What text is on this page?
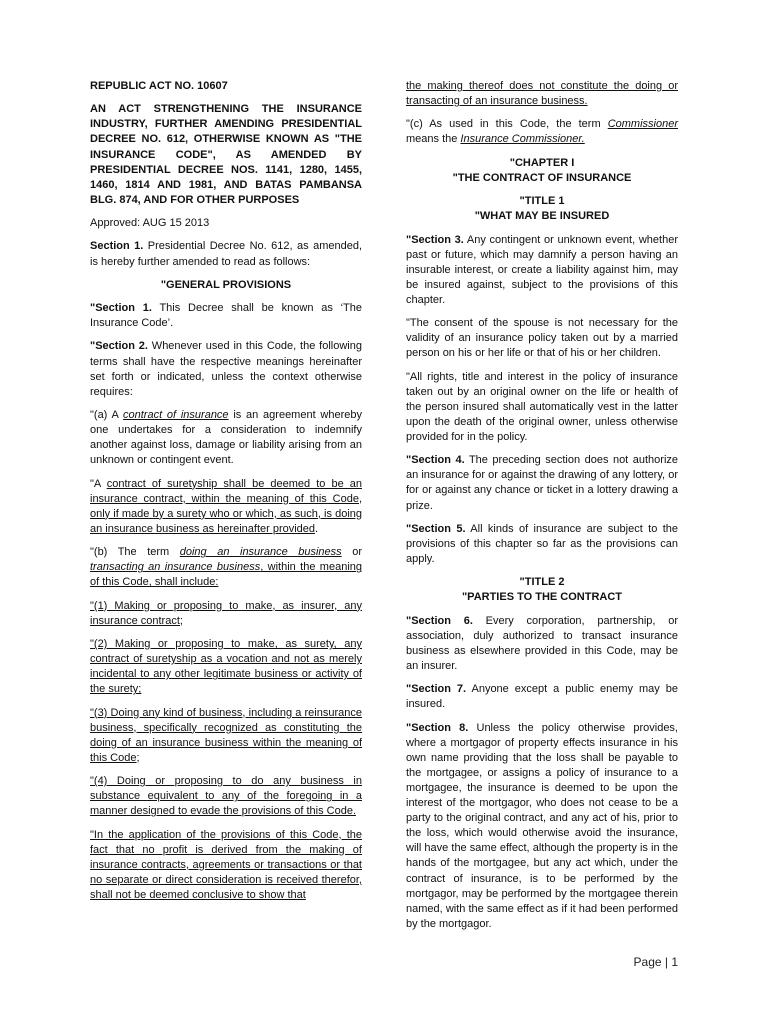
REPUBLIC ACT NO. 10607

AN ACT STRENGTHENING THE INSURANCE INDUSTRY, FURTHER AMENDING PRESIDENTIAL DECREE NO. 612, OTHERWISE KNOWN AS "THE INSURANCE CODE", AS AMENDED BY PRESIDENTIAL DECREE NOS. 1141, 1280, 1455, 1460, 1814 AND 1981, AND BATAS PAMBANSA BLG. 874, AND FOR OTHER PURPOSES

Approved: AUG 15 2013

Section 1. Presidential Decree No. 612, as amended, is hereby further amended to read as follows:

"GENERAL PROVISIONS

"Section 1. This Decree shall be known as ‘The Insurance Code’.

"Section 2. Whenever used in this Code, the following terms shall have the respective meanings hereinafter set forth or indicated, unless the context otherwise requires:

"(a) A contract of insurance is an agreement whereby one undertakes for a consideration to indemnify another against loss, damage or liability arising from an unknown or contingent event.

"A contract of suretyship shall be deemed to be an insurance contract, within the meaning of this Code, only if made by a surety who or which, as such, is doing an insurance business as hereinafter provided.

"(b) The term doing an insurance business or transacting an insurance business, within the meaning of this Code, shall include:

"(1) Making or proposing to make, as insurer, any insurance contract;

"(2) Making or proposing to make, as surety, any contract of suretyship as a vocation and not as merely incidental to any other legitimate business or activity of the surety;

"(3) Doing any kind of business, including a reinsurance business, specifically recognized as constituting the doing of an insurance business within the meaning of this Code;

"(4) Doing or proposing to do any business in substance equivalent to any of the foregoing in a manner designed to evade the provisions of this Code.

"In the application of the provisions of this Code, the fact that no profit is derived from the making of insurance contracts, agreements or transactions or that no separate or direct consideration is received therefor, shall not be deemed conclusive to show that

the making thereof does not constitute the doing or transacting of an insurance business.

"(c) As used in this Code, the term Commissioner means the Insurance Commissioner.

"CHAPTER I
"THE CONTRACT OF INSURANCE

"TITLE 1
"WHAT MAY BE INSURED

"Section 3. Any contingent or unknown event, whether past or future, which may damnify a person having an insurable interest, or create a liability against him, may be insured against, subject to the provisions of this chapter.

"The consent of the spouse is not necessary for the validity of an insurance policy taken out by a married person on his or her life or that of his or her children.

"All rights, title and interest in the policy of insurance taken out by an original owner on the life or health of the person insured shall automatically vest in the latter upon the death of the original owner, unless otherwise provided for in the policy.

"Section 4. The preceding section does not authorize an insurance for or against the drawing of any lottery, or for or against any chance or ticket in a lottery drawing a prize.

"Section 5. All kinds of insurance are subject to the provisions of this chapter so far as the provisions can apply.

"TITLE 2
"PARTIES TO THE CONTRACT

"Section 6. Every corporation, partnership, or association, duly authorized to transact insurance business as elsewhere provided in this Code, may be an insurer.

"Section 7. Anyone except a public enemy may be insured.

"Section 8. Unless the policy otherwise provides, where a mortgagor of property effects insurance in his own name providing that the loss shall be payable to the mortgagee, or assigns a policy of insurance to a mortgagee, the insurance is deemed to be upon the interest of the mortgagor, who does not cease to be a party to the original contract, and any act of his, prior to the loss, which would otherwise avoid the insurance, will have the same effect, although the property is in the hands of the mortgagee, but any act which, under the contract of insurance, is to be performed by the mortgagor, may be performed by the mortgagee therein named, with the same effect as if it had been performed by the mortgagor.

Page | 1
